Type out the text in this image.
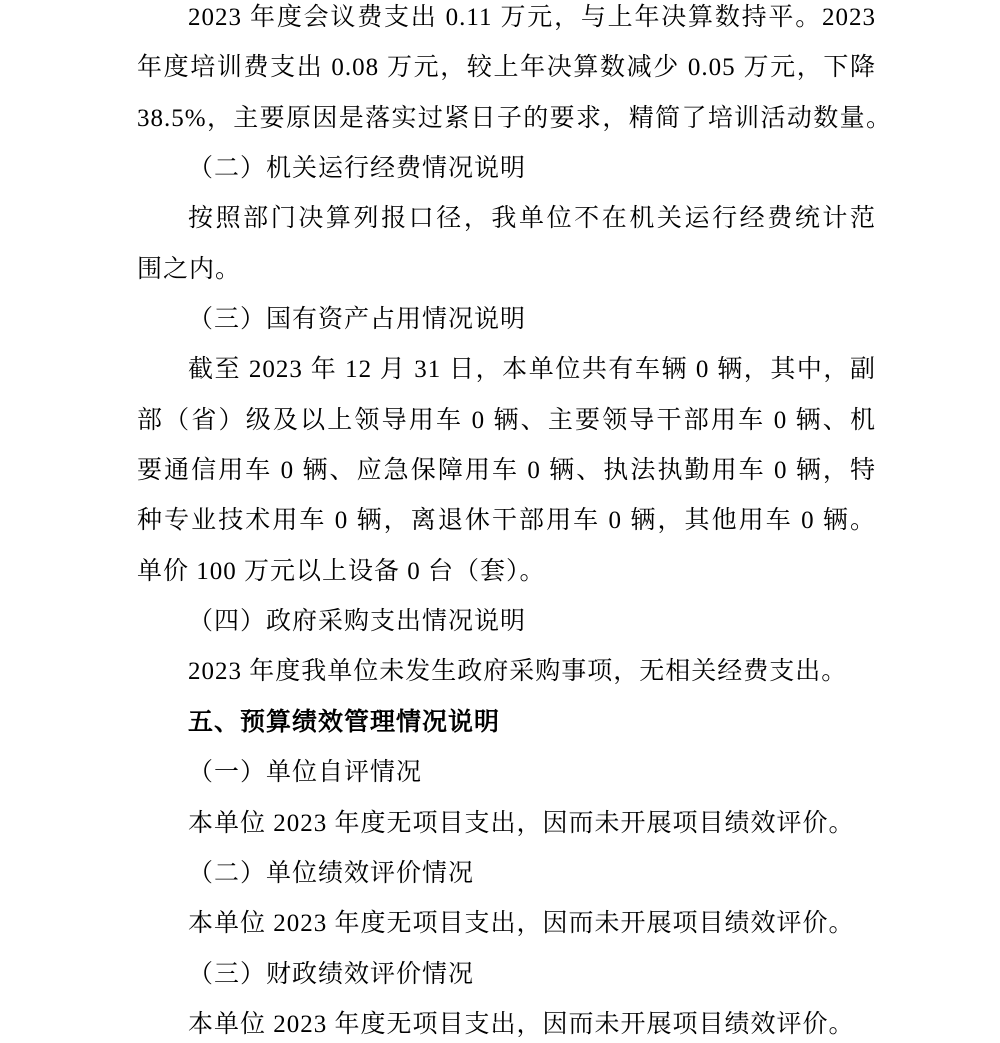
2023 年度会议费支出 0.11 万元，与上年决算数持平。2023
年度培训费支出 0.08 万元，较上年决算数减少 0.05 万元，下降
38.5%，主要原因是落实过紧日子的要求，精简了培训活动数量。
（二）机关运行经费情况说明
按照部门决算列报口径，我单位不在机关运行经费统计范
围之内。
（三）国有资产占用情况说明
截至 2023 年 12 月 31 日，本单位共有车辆 0 辆，其中，副
部（省）级及以上领导用车 0 辆、主要领导干部用车 0 辆、机
要通信用车 0 辆、应急保障用车 0 辆、执法执勤用车 0 辆，特
种专业技术用车 0 辆，离退休干部用车 0 辆，其他用车 0 辆。
单价 100 万元以上设备 0 台（套）。
（四）政府采购支出情况说明
2023 年度我单位未发生政府采购事项，无相关经费支出。
五、预算绩效管理情况说明
（一）单位自评情况
本单位 2023 年度无项目支出，因而未开展项目绩效评价。
（二）单位绩效评价情况
本单位 2023 年度无项目支出，因而未开展项目绩效评价。
（三）财政绩效评价情况
本单位 2023 年度无项目支出，因而未开展项目绩效评价。
